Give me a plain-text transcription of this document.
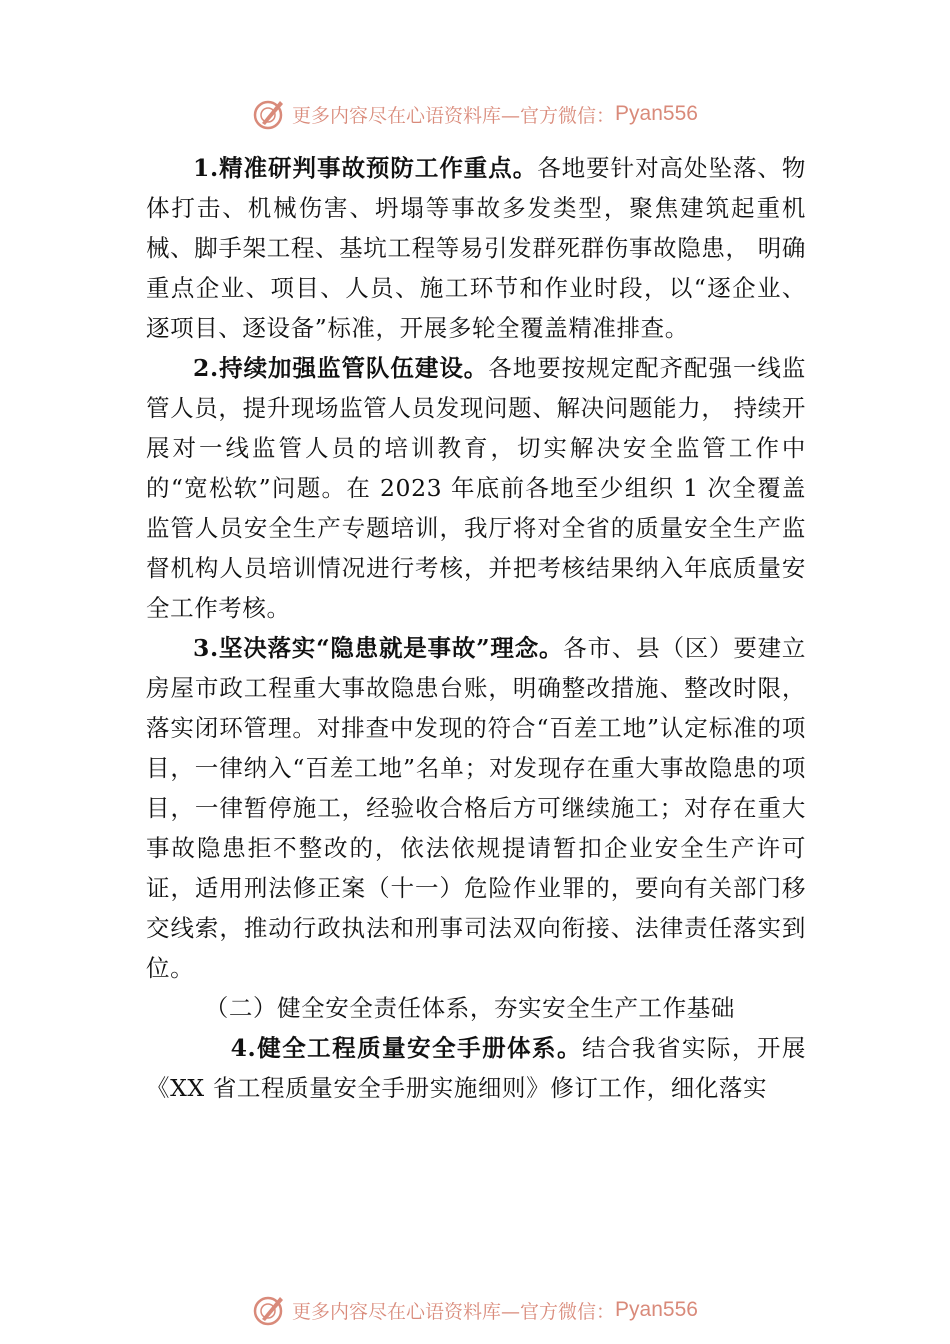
更多内容尽在心语资料库—官方微信： Pyan556

1.精准研判事故预防工作重点。各地要针对高处坠落、物体打击、机械伤害、坍塌等事故多发类型，聚焦建筑起重机械、脚手架工程、基坑工程等易引发群死群伤事故隐患， 明确重点企业、项目、人员、施工环节和作业时段，以“逐企业、逐项目、逐设备”标准，开展多轮全覆盖精准排查。

2.持续加强监管队伍建设。各地要按规定配齐配强一线监管人员，提升现场监管人员发现问题、解决问题能力， 持续开展对一线监管人员的培训教育，切实解决安全监管工作中的“宽松软”问题。在 2023 年底前各地至少组织 1 次全覆盖监管人员安全生产专题培训，我厅将对全省的质量安全生产监督机构人员培训情况进行考核，并把考核结果纳入年底质量安全工作考核。

3.坚决落实“隐患就是事故”理念。各市、县（区）要建立房屋市政工程重大事故隐患台账，明确整改措施、整改时限，落实闭环管理。对排查中发现的符合“百差工地”认定标准的项目，一律纳入“百差工地”名单；对发现存在重大事故隐患的项目，一律暂停施工，经验收合格后方可继续施工；对存在重大事故隐患拒不整改的，依法依规提请暂扣企业安全生产许可证，适用刑法修正案（十一）危险作业罪的，要向有关部门移交线索，推动行政执法和刑事司法双向衔接、法律责任落实到位。

（二）健全安全责任体系，夯实安全生产工作基础

4.健全工程质量安全手册体系。结合我省实际，开展《XX 省工程质量安全手册实施细则》修订工作，细化落实

更多内容尽在心语资料库—官方微信： Pyan556
